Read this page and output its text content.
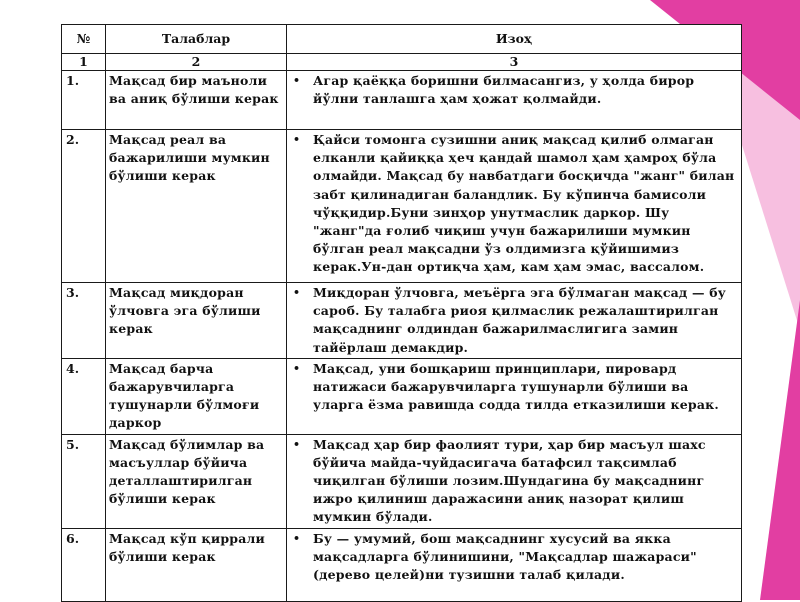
№	Талаблар	Изоҳ
1	2	3
1.	Мақсад бир маъноли ва аниқ бўлиши керак	• Агар қаёққа боришни билмасангиз, у ҳолда бирор йўлни танлашга ҳам ҳожат қолмайди.

2.	Мақсад реал ва бажарилиши мумкин бўлиши керак	• Қайси томонга сузишни аниқ мақсад қилиб олмаган елканли қайиққа ҳеч қандай шамол ҳам ҳамроҳ бўла олмайди. Мақсад бу навбатдаги босқичда "жанг" билан забт қилинадиган баландлик. Бу кўпинча бамисоли чўққидир.Буни зинҳор унутмаслик даркор. Шу "жанг"да ғолиб чиқиш учун бажарилиши мумкин бўлган реал мақсадни ўз олдимизга қўйишимиз керак.Ун-дан ортиқча ҳам, кам ҳам эмас, вассалом.

3.	Мақсад миқдоран ўлчовга эга бўлиши керак	• Миқдоран ўлчовга, меъёрга эга бўлмаган мақсад — бу сароб. Бу талабга риоя қилмаслик режалаштирилган мақсаднинг олдиндан бажарилмаслигига замин тайёрлаш демакдир.

4.	Мақсад барча бажарувчиларга тушунарли бўлмоғи даркор	• Мақсад, уни бошқариш принциплари, пировард натижаси бажарувчиларга тушунарли бўлиши ва уларга ёзма равишда содда тилда етказилиши керак.

5.	Мақсад бўлимлар ва масъуллар бўйича деталлаштирилган бўлиши керак	• Мақсад ҳар бир фаолият тури, ҳар бир масъул шахс бўйича майда-чуйдасигача батафсил тақсимлаб чиқилган бўлиши лозим.Шундагина бу мақсаднинг ижро қилиниш даражасини аниқ назорат қилиш мумкин бўлади.

6.	Мақсад кўп қиррали бўлиши керак	• Бу — умумий, бош мақсаднинг хусусий ва якка мақсадларга бўлинишини, "Мақсадлар шажараси" (дерево целей)ни тузишни талаб қилади.
